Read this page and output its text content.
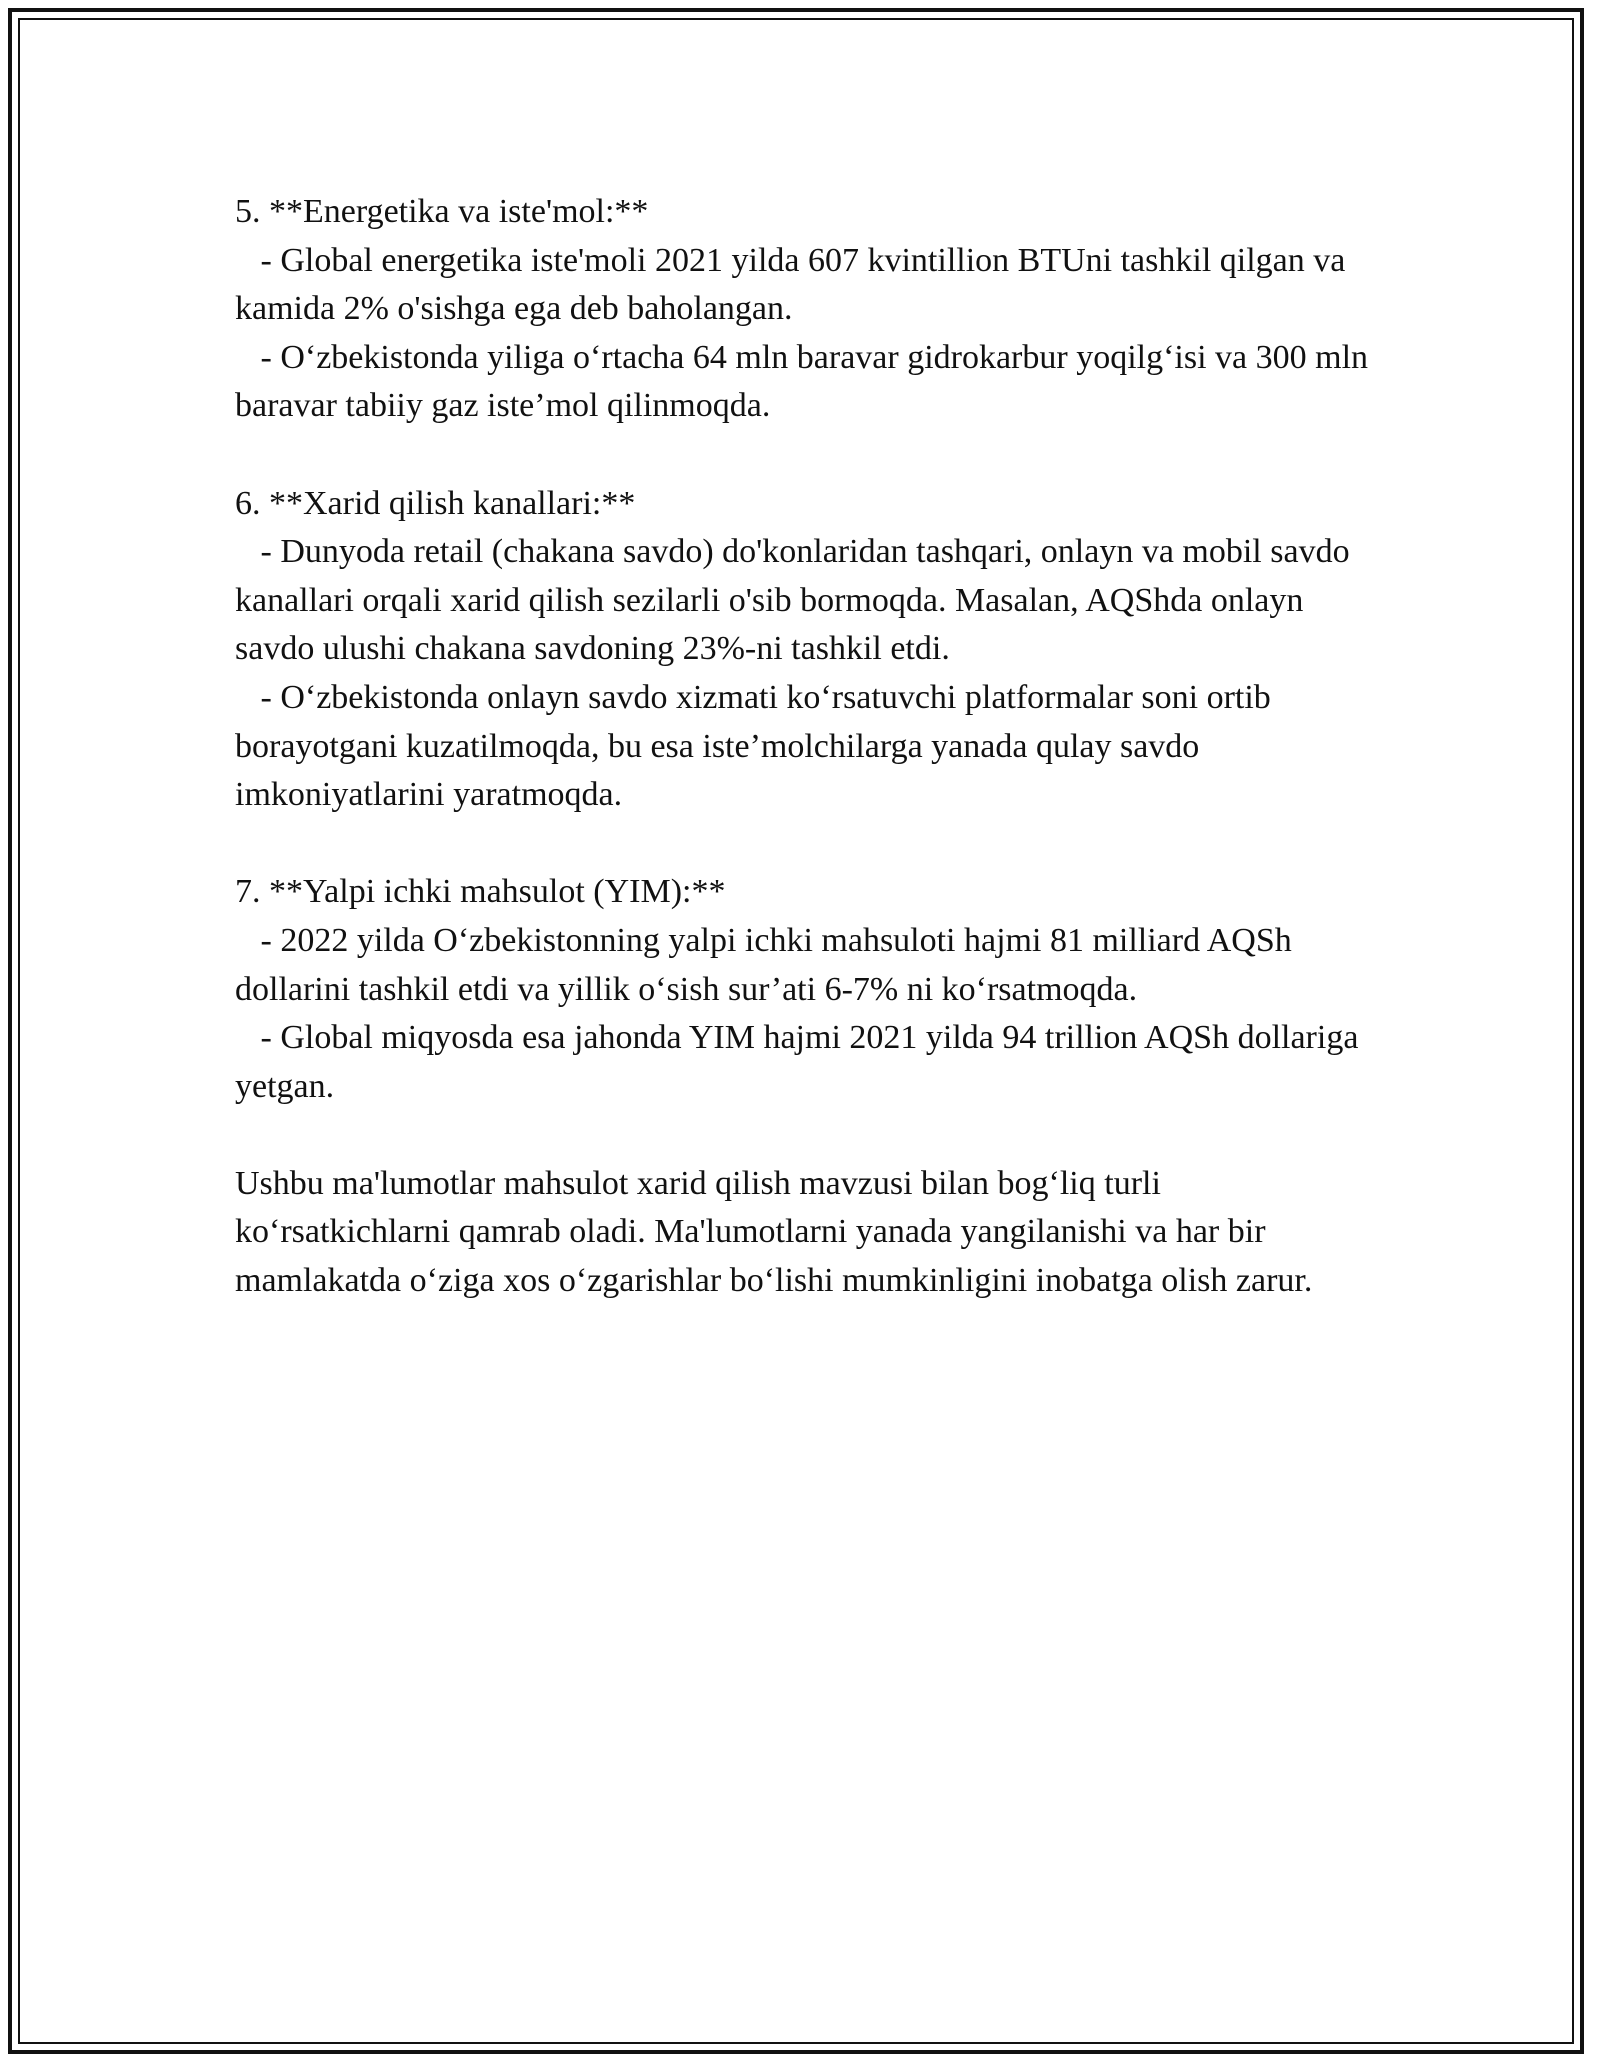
5. **Energetika va iste'mol:**

- Global energetika iste'moli 2021 yilda 607 kvintillion BTUni tashkil qilgan va kamida 2% o'sishga ega deb baholangan.

- O‘zbekistonda yiliga o‘rtacha 64 mln baravar gidrokarbur yoqilg‘isi va 300 mln baravar tabiiy gaz iste’mol qilinmoqda.

6. **Xarid qilish kanallari:**

- Dunyoda retail (chakana savdo) do'konlaridan tashqari, onlayn va mobil savdo kanallari orqali xarid qilish sezilarli o'sib bormoqda. Masalan, AQShda onlayn savdo ulushi chakana savdoning 23%-ni tashkil etdi.

- O‘zbekistonda onlayn savdo xizmati ko‘rsatuvchi platformalar soni ortib borayotgani kuzatilmoqda, bu esa iste’molchilarga yanada qulay savdo imkoniyatlarini yaratmoqda.

7. **Yalpi ichki mahsulot (YIM):**

- 2022 yilda O‘zbekistonning yalpi ichki mahsuloti hajmi 81 milliard AQSh dollarini tashkil etdi va yillik o‘sish sur’ati 6-7% ni ko‘rsatmoqda.

- Global miqyosda esa jahonda YIM hajmi 2021 yilda 94 trillion AQSh dollariga yetgan.

Ushbu ma'lumotlar mahsulot xarid qilish mavzusi bilan bog‘liq turli ko‘rsatkichlarni qamrab oladi. Ma'lumotlarni yanada yangilanishi va har bir mamlakatda o‘ziga xos o‘zgarishlar bo‘lishi mumkinligini inobatga olish zarur.
